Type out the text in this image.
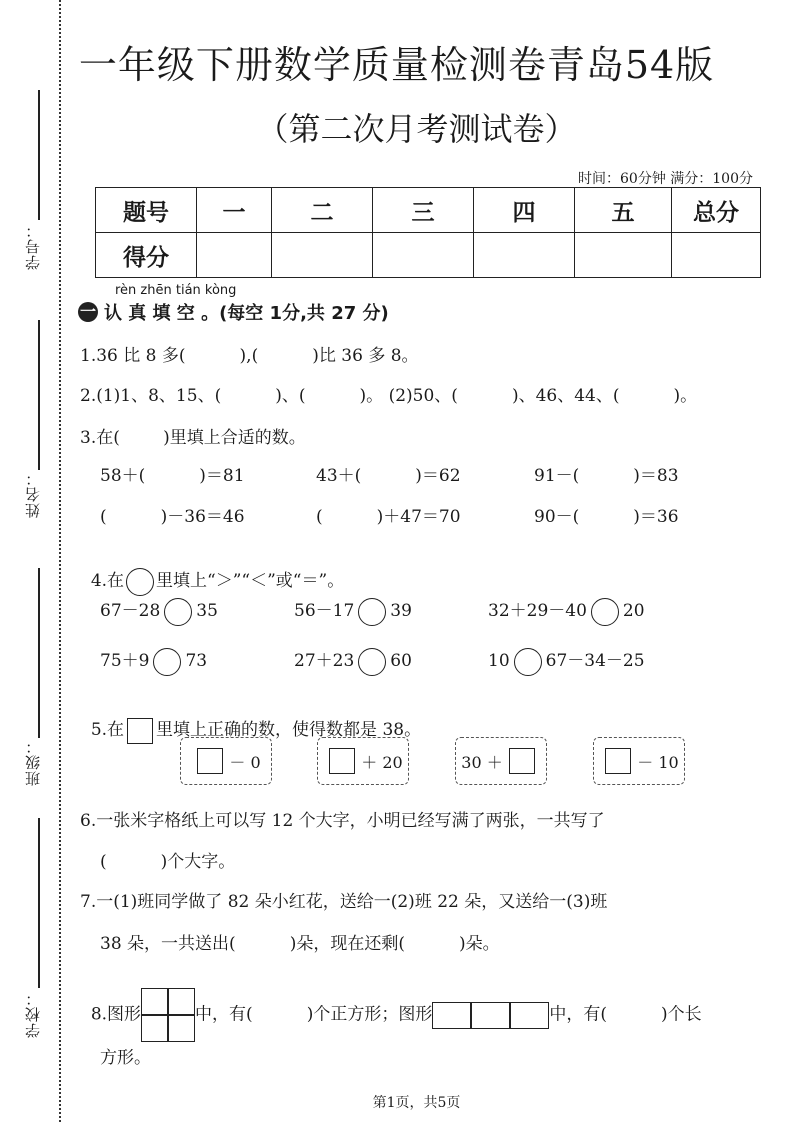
学号：
姓名：
班级：
学校：
一年级下册数学质量检测卷青岛54版
（第二次月考测试卷）
时间：60分钟 满分：100分
题号	一	二	三	四	五	总分
得分						
rèn zhēn tián kòng
一 认 真 填 空 。(每空 1分,共 27 分)
1.36 比 8 多(          ),(          )比 36 多 8。
2.(1)1、8、15、(          )、(          )。 (2)50、(          )、46、44、(          )。
3.在(        )里填上合适的数。
58＋(          )＝81	43＋(          )＝62	91－(          )＝83
(          )－36＝46	(          )＋47＝70	90－(          )＝36

4.在 里填上“＞”“＜”或“＝”。

67－28 35	56－17 39	32＋29－40 20
75＋9 73	27＋23 60	10 67－34－25

5.在 里填上正确的数，使得数都是 38。

－ 0	＋ 20	30 ＋	－ 10
6.一张米字格纸上可以写 12 个大字，小明已经写满了两张，一共写了
(          )个大字。
7.一(1)班同学做了 82 朵小红花，送给一(2)班 22 朵，又送给一(3)班
38 朵，一共送出(          )朵，现在还剩(          )朵。

8.图形	中，有(          )个正方形；图形	中，有(          )个长

方形。
第1页，共5页
